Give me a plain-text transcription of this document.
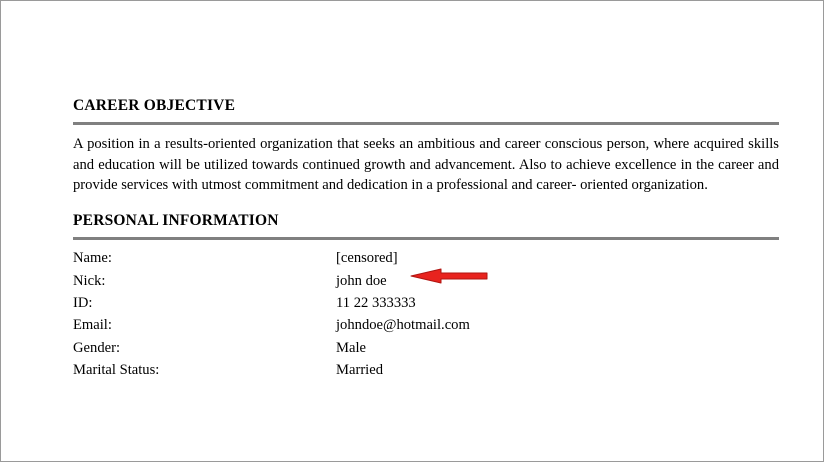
CAREER OBJECTIVE

A position in a results-oriented organization that seeks an ambitious and career conscious person, where acquired skills and education will be utilized towards continued growth and advancement. Also to achieve excellence in the career and provide services with utmost commitment and dedication in a professional and career- oriented organization.

PERSONAL INFORMATION
Name:	[censored]
Nick:	john doe
ID:	11 22 333333
Email:	johndoe@hotmail.com
Gender:	Male
Marital Status:	Married
